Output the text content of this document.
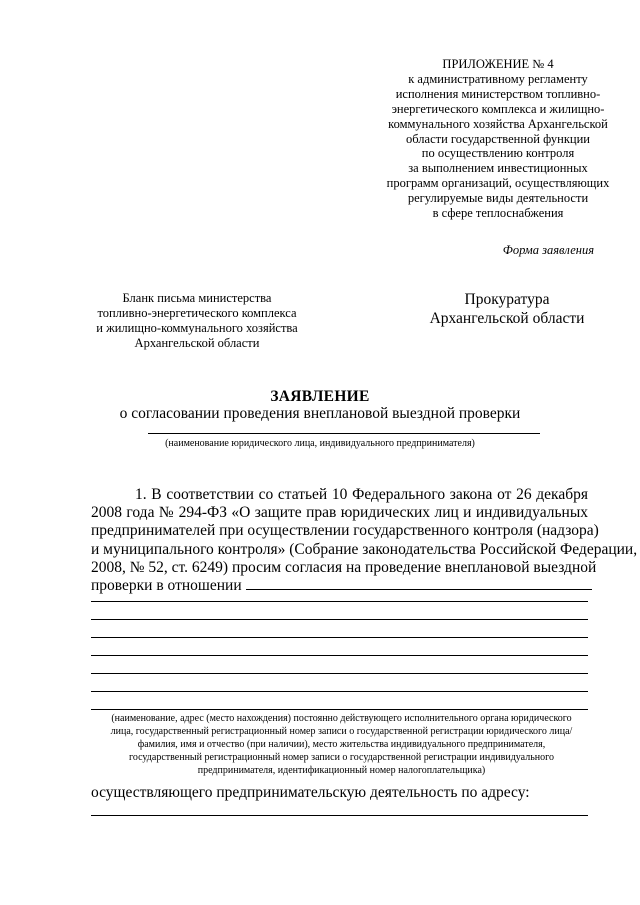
ПРИЛОЖЕНИЕ № 4
к административному регламенту
исполнения министерством топливно-
энергетического комплекса и жилищно-
коммунального хозяйства Архангельской
области государственной функции
по осуществлению контроля
за выполнением инвестиционных
программ организаций, осуществляющих
регулируемые виды деятельности
в сфере теплоснабжения
Форма заявления
Бланк письма министерства
топливно-энергетического комплекса
и жилищно-коммунального хозяйства
Архангельской области
Прокуратура
Архангельской области
ЗАЯВЛЕНИЕ
о согласовании проведения внеплановой выездной проверки
(наименование юридического лица, индивидуального предпринимателя)
1. В соответствии со статьей 10 Федерального закона от 26 декабря
2008 года № 294-ФЗ «О защите прав юридических лиц и индивидуальных
предпринимателей при осуществлении государственного контроля (надзора)
и муниципального контроля» (Собрание законодательства Российской Федерации,
2008, № 52, ст. 6249) просим согласия на проведение внеплановой выездной
проверки в отношении
(наименование, адрес (место нахождения) постоянно действующего исполнительного органа юридического
лица, государственный регистрационный номер записи о государственной регистрации юридического лица/
фамилия, имя и отчество (при наличии), место жительства индивидуального предпринимателя,
государственный регистрационный номер записи о государственной регистрации индивидуального
предпринимателя, идентификационный номер налогоплательщика)
осуществляющего предпринимательскую деятельность по адресу:
